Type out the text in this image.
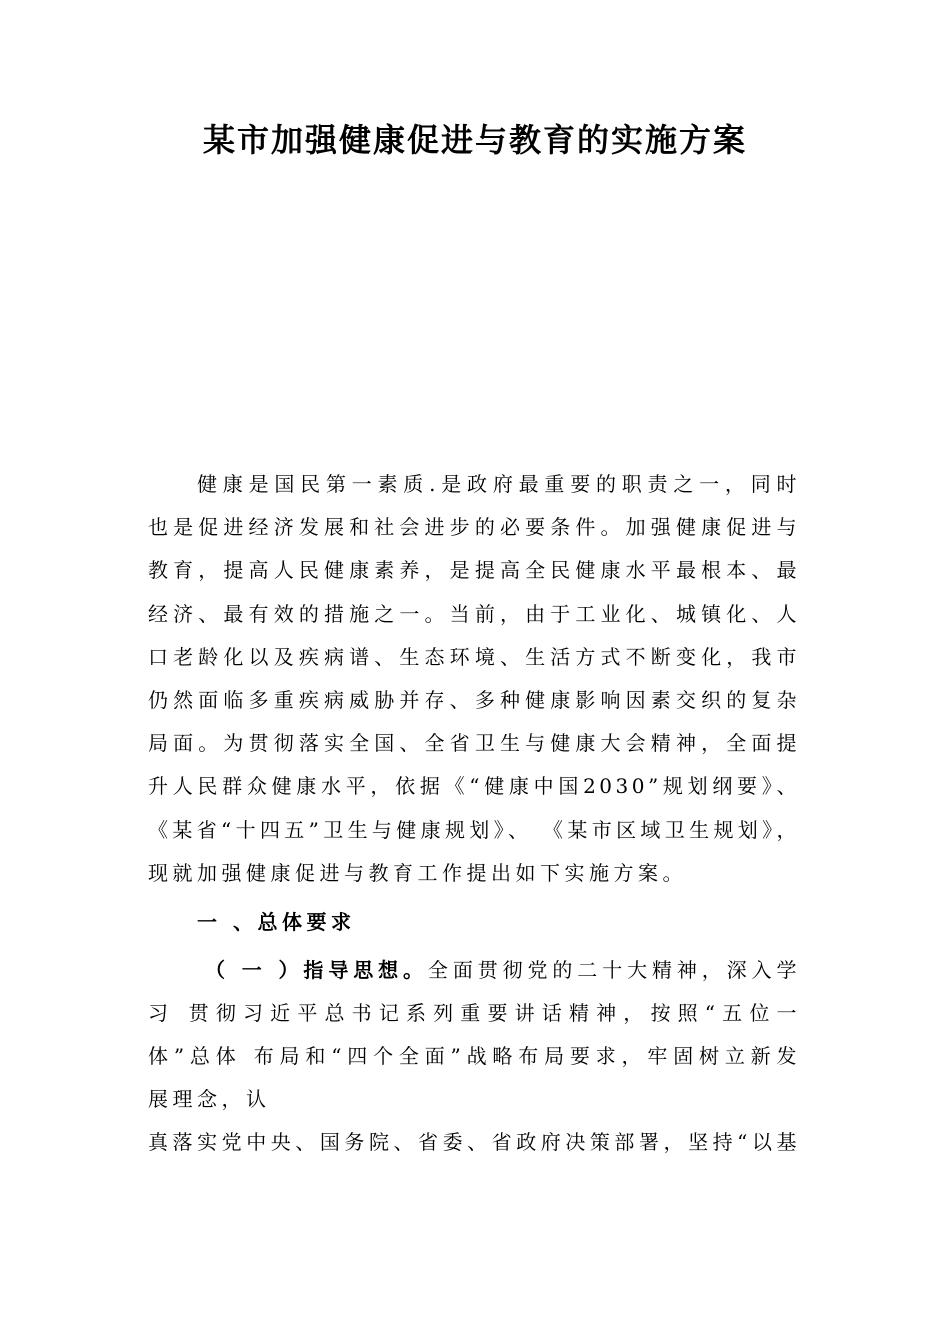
某市加强健康促进与教育的实施方案
健康是国民第一素质.是政府最重要的职责之一，同时
也是促进经济发展和社会进步的必要条件。加强健康促进与
教育，提高人民健康素养，是提高全民健康水平最根本、最
经济、最有效的措施之一。当前，由于工业化、城镇化、人
口老龄化以及疾病谱、生态环境、生活方式不断变化，我市
仍然面临多重疾病威胁并存、多种健康影响因素交织的复杂
局面。为贯彻落实全国、全省卫生与健康大会精神，全面提
升人民群众健康水平，依据《“健康中国2030”规划纲要》、
《某省“十四五”卫生与健康规划》、 《某市区域卫生规划》，
现就加强健康促进与教育工作提出如下实施方案。
一 、总体要求
（ 一 ）指导思想。全面贯彻党的二十大精神，深入学
习 贯彻习近平总书记系列重要讲话精神，按照“五位一
体”总体 布局和“四个全面”战略布局要求，牢固树立新发
展理念，认
真落实党中央、国务院、省委、省政府决策部署，坚持“以基
